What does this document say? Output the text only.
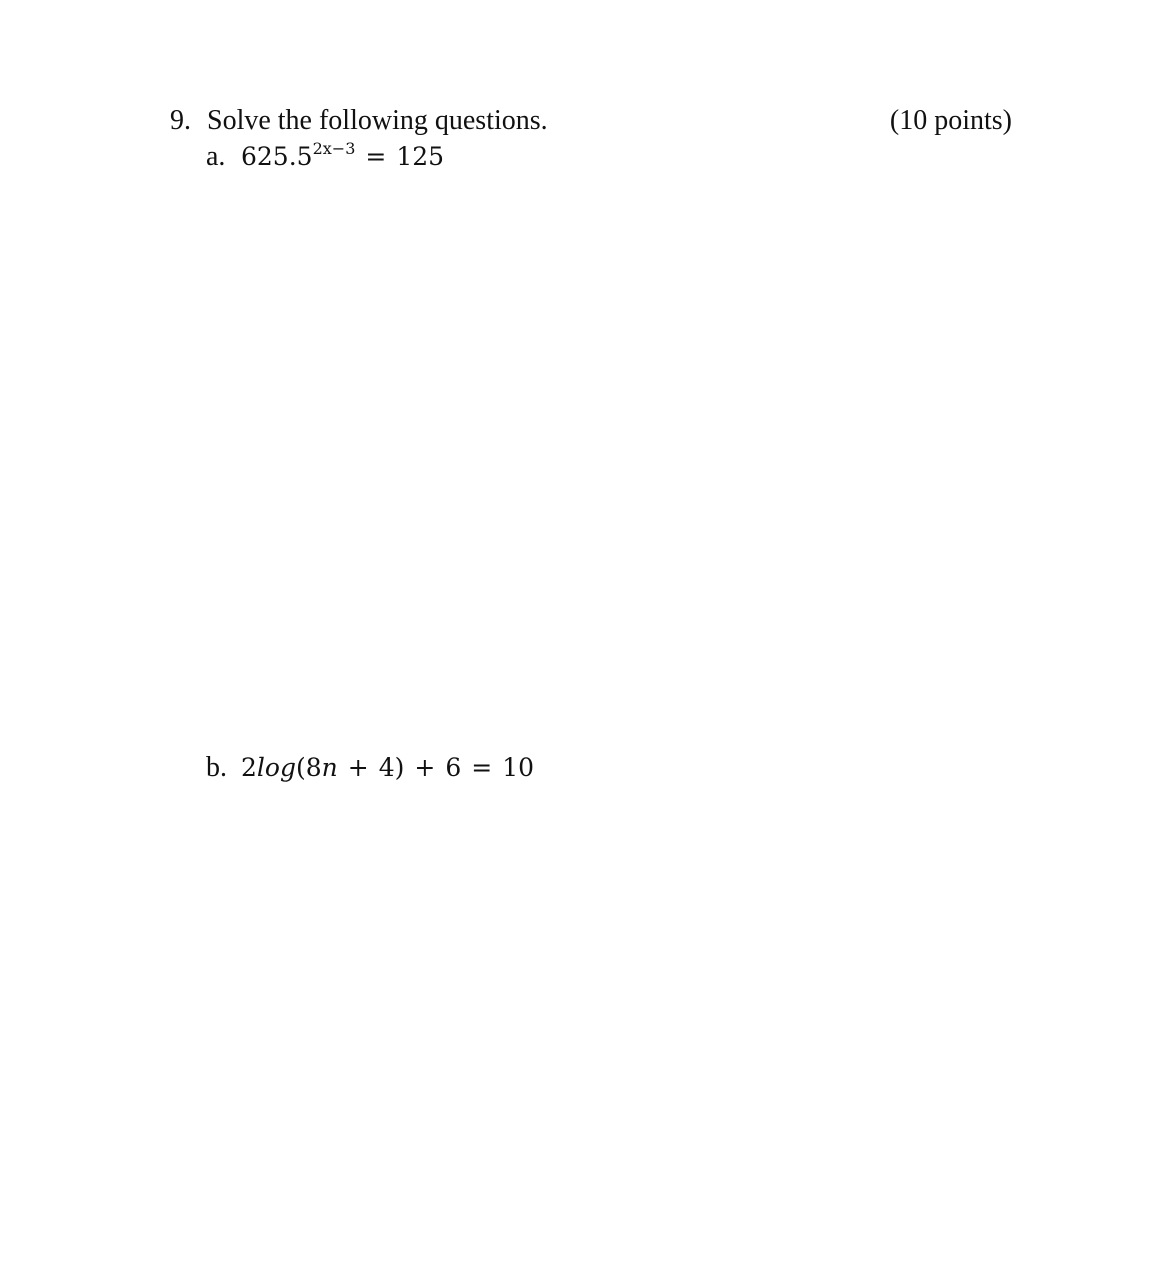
9. Solve the following questions.	(10 points)
a. $625.5^{2x-3} = 125$
b. 2log(8n + 4) + 6 = 10
